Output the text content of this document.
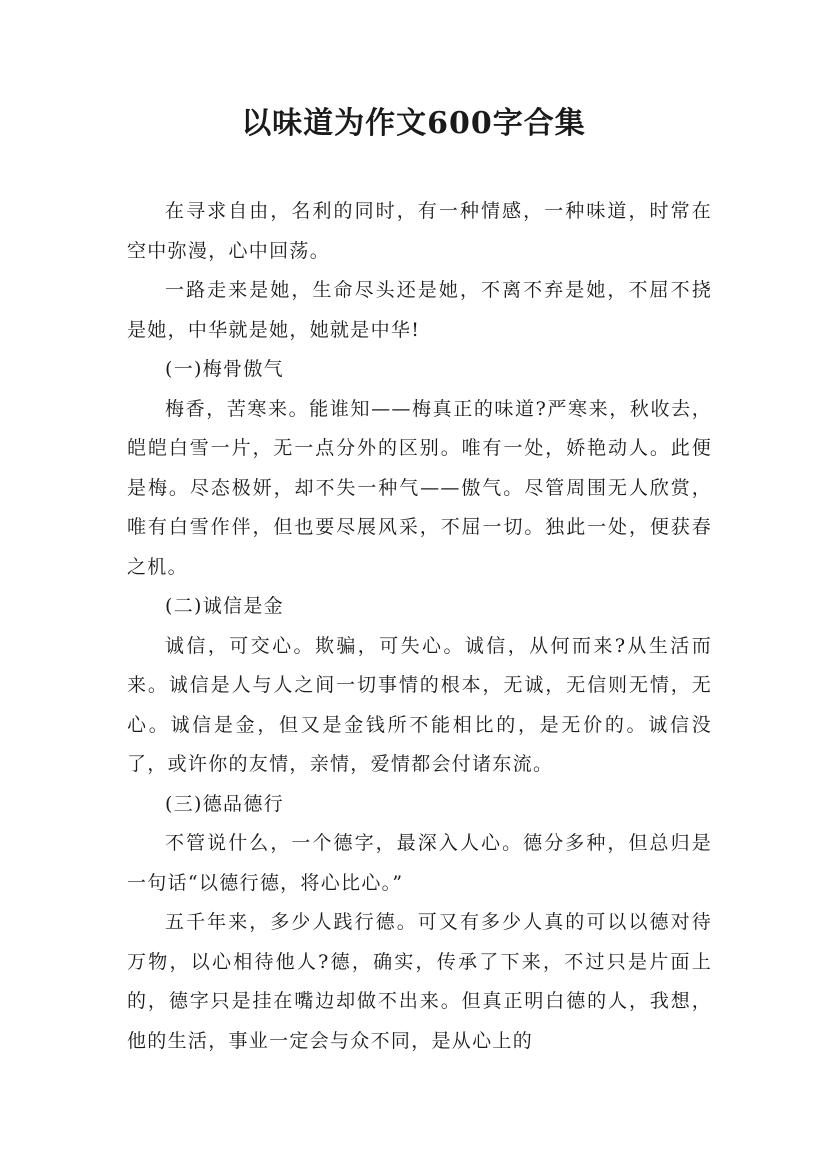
以味道为作文600字合集

在寻求自由，名利的同时，有一种情感，一种味道，时常在空中弥漫，心中回荡。

一路走来是她，生命尽头还是她，不离不弃是她，不屈不挠是她，中华就是她，她就是中华!

(一)梅骨傲气

梅香，苦寒来。能谁知——梅真正的味道?严寒来，秋收去，皑皑白雪一片，无一点分外的区别。唯有一处，娇艳动人。此便是梅。尽态极妍，却不失一种气——傲气。尽管周围无人欣赏，唯有白雪作伴，但也要尽展风采，不屈一切。独此一处，便获春之机。

(二)诚信是金

诚信，可交心。欺骗，可失心。诚信，从何而来?从生活而来。诚信是人与人之间一切事情的根本，无诚，无信则无情，无心。诚信是金，但又是金钱所不能相比的，是无价的。诚信没了，或许你的友情，亲情，爱情都会付诸东流。

(三)德品德行

不管说什么，一个德字，最深入人心。德分多种，但总归是一句话“以德行德，将心比心。”

五千年来，多少人践行德。可又有多少人真的可以以德对待万物，以心相待他人?德，确实，传承了下来，不过只是片面上的，德字只是挂在嘴边却做不出来。但真正明白德的人，我想，他的生活，事业一定会与众不同，是从心上的
